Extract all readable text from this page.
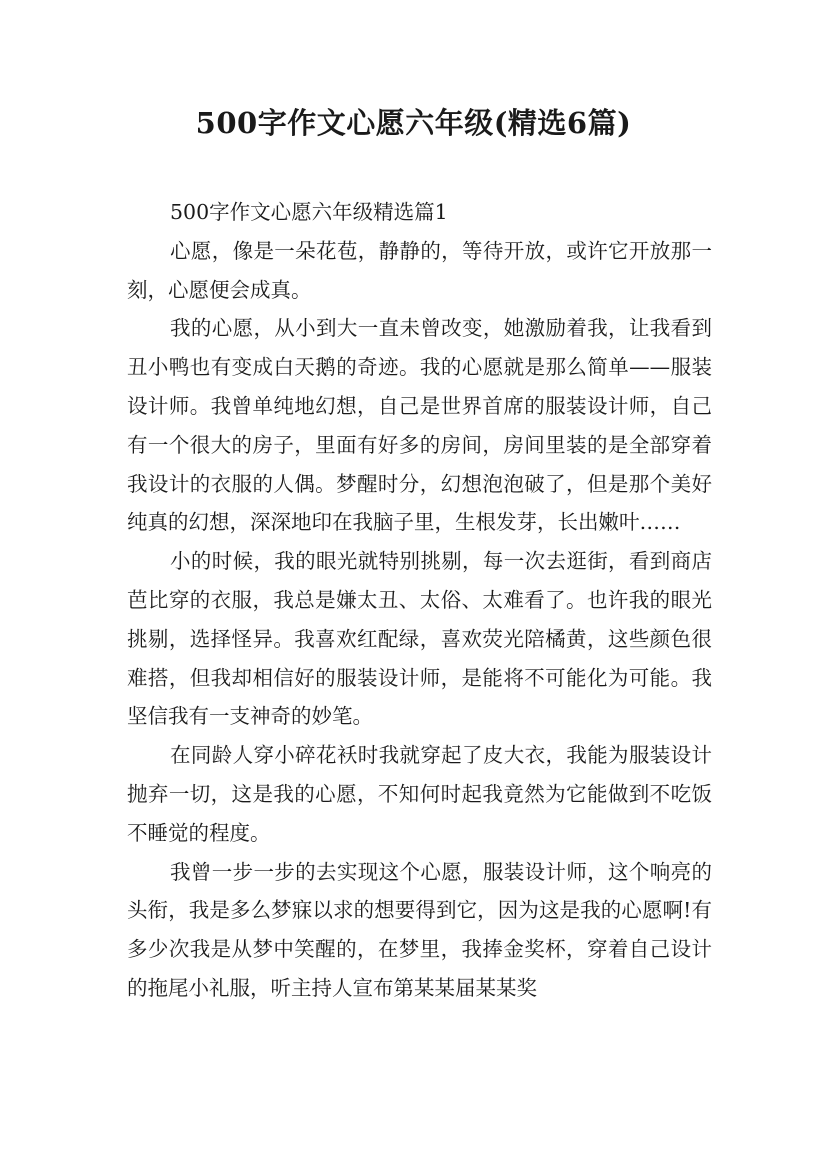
500字作文心愿六年级(精选6篇)

500字作文心愿六年级精选篇1

心愿，像是一朵花苞，静静的，等待开放，或许它开放那一刻，心愿便会成真。

我的心愿，从小到大一直未曾改变，她激励着我，让我看到丑小鸭也有变成白天鹅的奇迹。我的心愿就是那么简单——服装设计师。我曾单纯地幻想，自己是世界首席的服装设计师，自己有一个很大的房子，里面有好多的房间，房间里装的是全部穿着我设计的衣服的人偶。梦醒时分，幻想泡泡破了，但是那个美好纯真的幻想，深深地印在我脑子里，生根发芽，长出嫩叶……

小的时候，我的眼光就特别挑剔，每一次去逛街，看到商店芭比穿的衣服，我总是嫌太丑、太俗、太难看了。也许我的眼光挑剔，选择怪异。我喜欢红配绿，喜欢荧光陪橘黄，这些颜色很难搭，但我却相信好的服装设计师，是能将不可能化为可能。我坚信我有一支神奇的妙笔。

在同龄人穿小碎花袄时我就穿起了皮大衣，我能为服装设计抛弃一切，这是我的心愿，不知何时起我竟然为它能做到不吃饭不睡觉的程度。

我曾一步一步的去实现这个心愿，服装设计师，这个响亮的头衔，我是多么梦寐以求的想要得到它，因为这是我的心愿啊!有多少次我是从梦中笑醒的，在梦里，我捧金奖杯，穿着自己设计的拖尾小礼服，听主持人宣布第某某届某某奖
